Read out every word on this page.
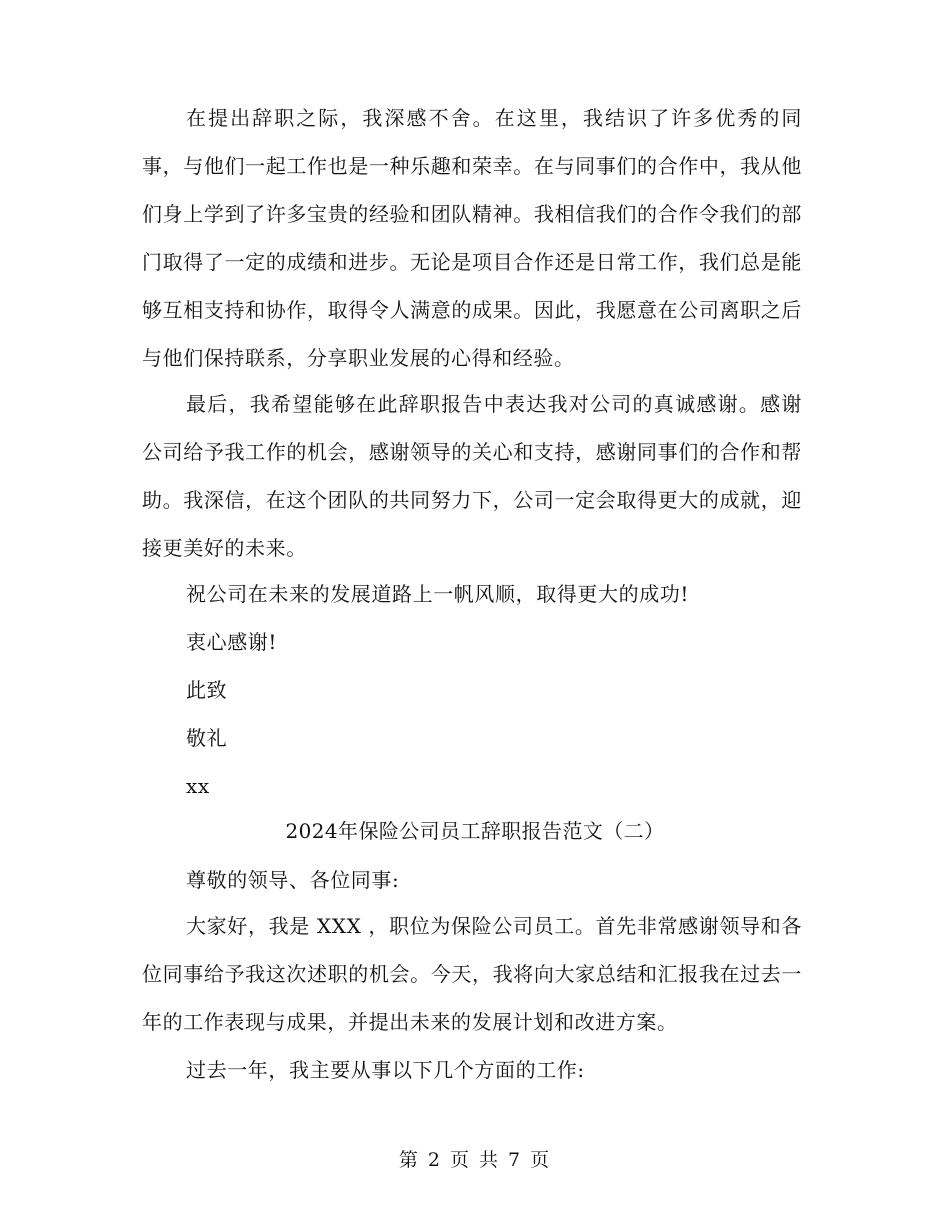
在提出辞职之际，我深感不舍。在这里，我结识了许多优秀的同事，与他们一起工作也是一种乐趣和荣幸。在与同事们的合作中，我从他们身上学到了许多宝贵的经验和团队精神。我相信我们的合作令我们的部门取得了一定的成绩和进步。无论是项目合作还是日常工作，我们总是能够互相支持和协作，取得令人满意的成果。因此，我愿意在公司离职之后与他们保持联系，分享职业发展的心得和经验。

最后，我希望能够在此辞职报告中表达我对公司的真诚感谢。感谢公司给予我工作的机会，感谢领导的关心和支持，感谢同事们的合作和帮助。我深信，在这个团队的共同努力下，公司一定会取得更大的成就，迎接更美好的未来。

祝公司在未来的发展道路上一帆风顺，取得更大的成功!

衷心感谢!

此致

敬礼

xx

2024年保险公司员工辞职报告范文（二）

尊敬的领导、各位同事:

大家好，我是 XXX ，职位为保险公司员工。首先非常感谢领导和各位同事给予我这次述职的机会。今天，我将向大家总结和汇报我在过去一年的工作表现与成果，并提出未来的发展计划和改进方案。

过去一年，我主要从事以下几个方面的工作:

第 2 页 共 7 页
